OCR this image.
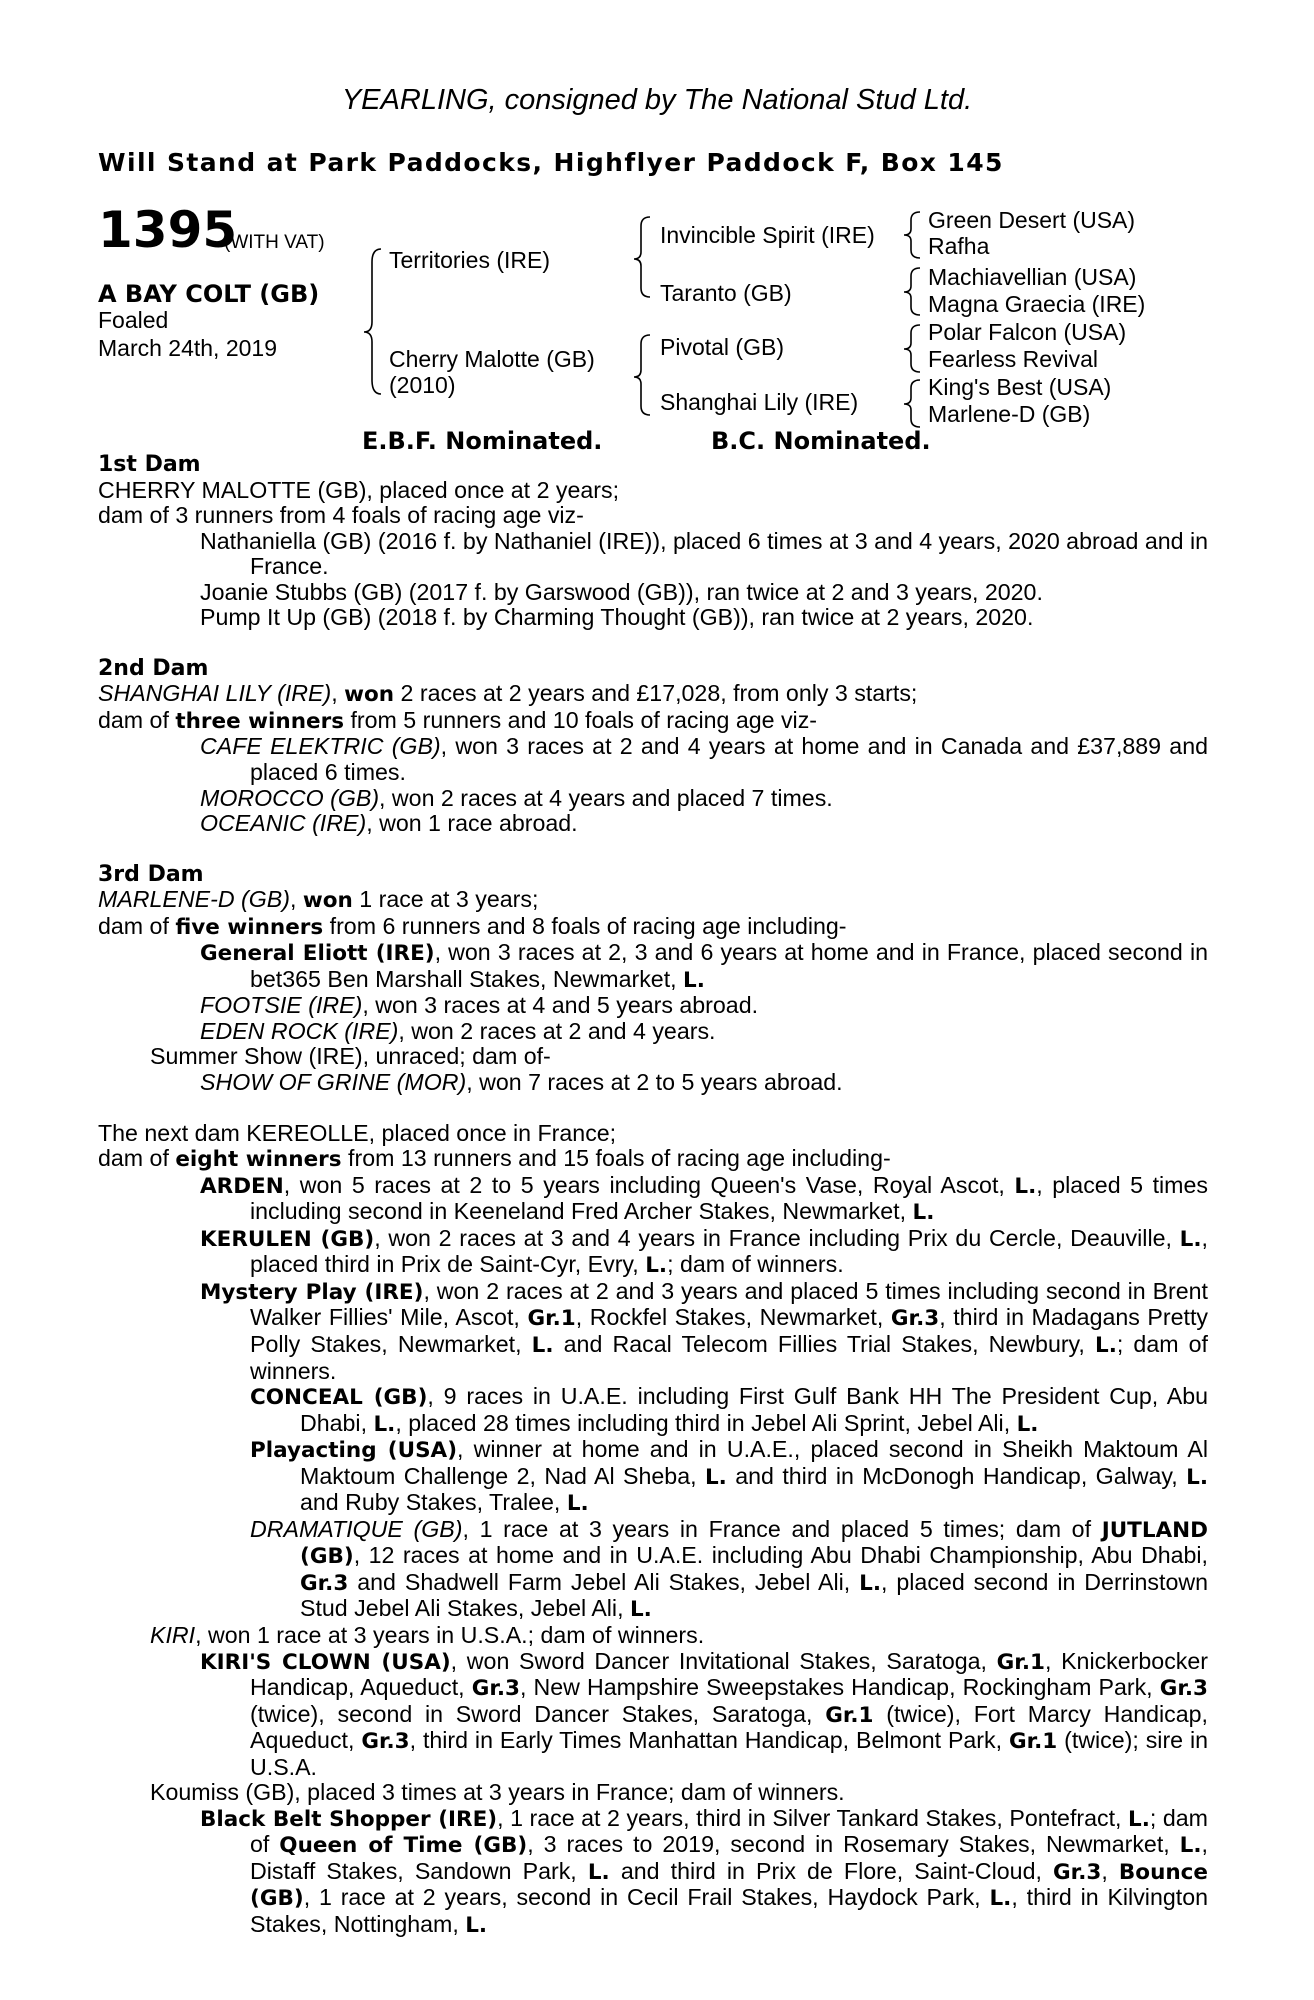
YEARLING, consigned by The National Stud Ltd.
Will Stand at Park Paddocks, Highflyer Paddock F, Box 145
1395
(WITH VAT)
A BAY COLT (GB)
Foaled
March 24th, 2019
Territories (IRE)
Cherry Malotte (GB)
(2010)
Invincible Spirit (IRE)
Taranto (GB)
Pivotal (GB)
Shanghai Lily (IRE)
Green Desert (USA)
Rafha
Machiavellian (USA)
Magna Graecia (IRE)
Polar Falcon (USA)
Fearless Revival
King's Best (USA)
Marlene-D (GB)
E.B.F. Nominated.	B.C. Nominated.

1st Dam

CHERRY MALOTTE (GB), placed once at 2 years;

dam of 3 runners from 4 foals of racing age viz-

Nathaniella (GB) (2016 f. by Nathaniel (IRE)), placed 6 times at 3 and 4 years, 2020 abroad and in France.

Joanie Stubbs (GB) (2017 f. by Garswood (GB)), ran twice at 2 and 3 years, 2020.

Pump It Up (GB) (2018 f. by Charming Thought (GB)), ran twice at 2 years, 2020.

2nd Dam

SHANGHAI LILY (IRE), won 2 races at 2 years and £17,028, from only 3 starts;

dam of three winners from 5 runners and 10 foals of racing age viz-

CAFE ELEKTRIC (GB), won 3 races at 2 and 4 years at home and in Canada and £37,889 and placed 6 times.

MOROCCO (GB), won 2 races at 4 years and placed 7 times.

OCEANIC (IRE), won 1 race abroad.

3rd Dam

MARLENE-D (GB), won 1 race at 3 years;

dam of five winners from 6 runners and 8 foals of racing age including-

General Eliott (IRE), won 3 races at 2, 3 and 6 years at home and in France, placed second in bet365 Ben Marshall Stakes, Newmarket, L.

FOOTSIE (IRE), won 3 races at 4 and 5 years abroad.

EDEN ROCK (IRE), won 2 races at 2 and 4 years.

Summer Show (IRE), unraced; dam of-

SHOW OF GRINE (MOR), won 7 races at 2 to 5 years abroad.

The next dam KEREOLLE, placed once in France;

dam of eight winners from 13 runners and 15 foals of racing age including-

ARDEN, won 5 races at 2 to 5 years including Queen's Vase, Royal Ascot, L., placed 5 times including second in Keeneland Fred Archer Stakes, Newmarket, L.

KERULEN (GB), won 2 races at 3 and 4 years in France including Prix du Cercle, Deauville, L., placed third in Prix de Saint-Cyr, Evry, L.; dam of winners.

Mystery Play (IRE), won 2 races at 2 and 3 years and placed 5 times including second in Brent Walker Fillies' Mile, Ascot, Gr.1, Rockfel Stakes, Newmarket, Gr.3, third in Madagans Pretty Polly Stakes, Newmarket, L. and Racal Telecom Fillies Trial Stakes, Newbury, L.; dam of winners.

CONCEAL (GB), 9 races in U.A.E. including First Gulf Bank HH The President Cup, Abu Dhabi, L., placed 28 times including third in Jebel Ali Sprint, Jebel Ali, L.

Playacting (USA), winner at home and in U.A.E., placed second in Sheikh Maktoum Al Maktoum Challenge 2, Nad Al Sheba, L. and third in McDonogh Handicap, Galway, L. and Ruby Stakes, Tralee, L.

DRAMATIQUE (GB), 1 race at 3 years in France and placed 5 times; dam of JUTLAND (GB), 12 races at home and in U.A.E. including Abu Dhabi Championship, Abu Dhabi, Gr.3 and Shadwell Farm Jebel Ali Stakes, Jebel Ali, L., placed second in Derrinstown Stud Jebel Ali Stakes, Jebel Ali, L.

KIRI, won 1 race at 3 years in U.S.A.; dam of winners.

KIRI'S CLOWN (USA), won Sword Dancer Invitational Stakes, Saratoga, Gr.1, Knickerbocker Handicap, Aqueduct, Gr.3, New Hampshire Sweepstakes Handicap, Rockingham Park, Gr.3 (twice), second in Sword Dancer Stakes, Saratoga, Gr.1 (twice), Fort Marcy Handicap, Aqueduct, Gr.3, third in Early Times Manhattan Handicap, Belmont Park, Gr.1 (twice); sire in U.S.A.

Koumiss (GB), placed 3 times at 3 years in France; dam of winners.

Black Belt Shopper (IRE), 1 race at 2 years, third in Silver Tankard Stakes, Pontefract, L.; dam of Queen of Time (GB), 3 races to 2019, second in Rosemary Stakes, Newmarket, L., Distaff Stakes, Sandown Park, L. and third in Prix de Flore, Saint-Cloud, Gr.3, Bounce (GB), 1 race at 2 years, second in Cecil Frail Stakes, Haydock Park, L., third in Kilvington Stakes, Nottingham, L.
